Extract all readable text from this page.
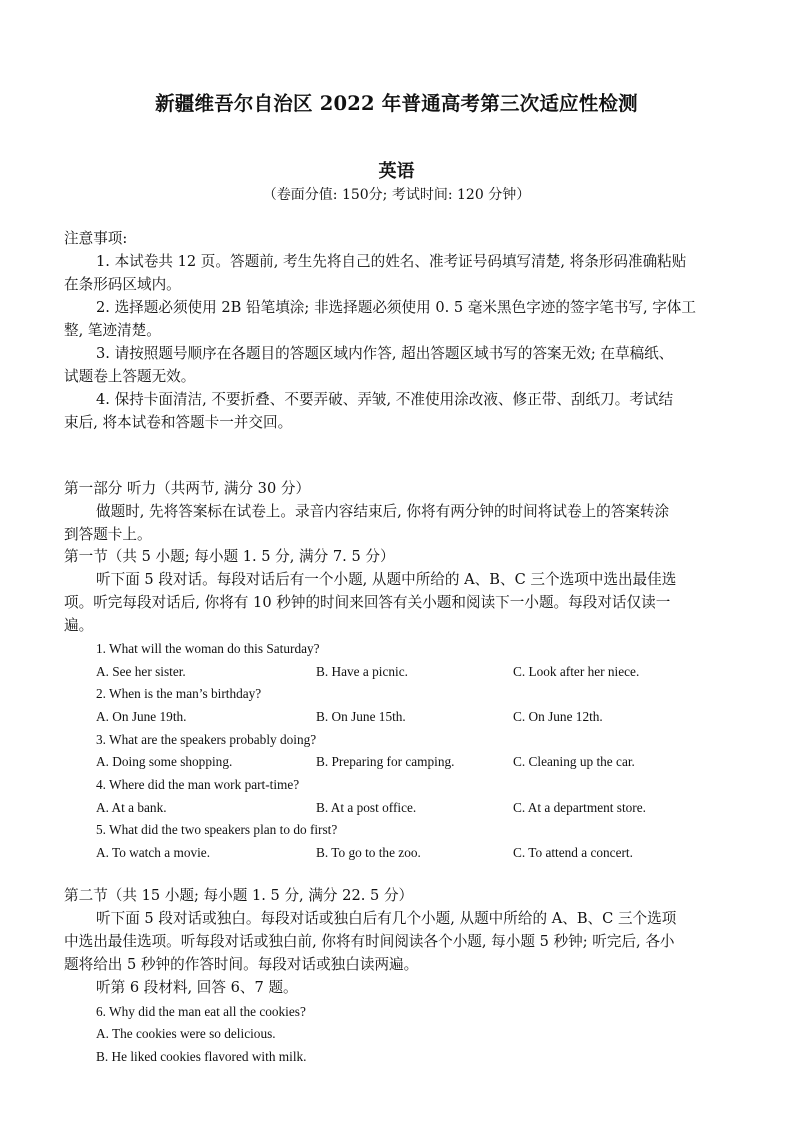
新疆维吾尔自治区 2022 年普通高考第三次适应性检测
英语
（卷面分值: 150分; 考试时间: 120 分钟）
注意事项:
1. 本试卷共 12 页。答题前, 考生先将自己的姓名、准考证号码填写清楚, 将条形码准确粘贴
在条形码区域内。
2. 选择题必须使用 2B 铅笔填涂; 非选择题必须使用 0. 5 毫米黑色字迹的签字笔书写, 字体工
整, 笔迹清楚。
3. 请按照题号顺序在各题目的答题区域内作答, 超出答题区域书写的答案无效; 在草稿纸、
试题卷上答题无效。
4. 保持卡面清洁, 不要折叠、不要弄破、弄皱, 不准使用涂改液、修正带、刮纸刀。考试结
束后, 将本试卷和答题卡一并交回。
第一部分 听力（共两节, 满分 30 分）
做题时, 先将答案标在试卷上。录音内容结束后, 你将有两分钟的时间将试卷上的答案转涂
到答题卡上。
第一节（共 5 小题; 每小题 1. 5 分, 满分 7. 5 分）
听下面 5 段对话。每段对话后有一个小题, 从题中所给的 A、B、C 三个选项中选出最佳选
项。听完每段对话后, 你将有 10 秒钟的时间来回答有关小题和阅读下一小题。每段对话仅读一
遍。
1. What will the woman do this Saturday?
A. See her sister.	B. Have a picnic.	C. Look after her niece.
2. When is the man’s birthday?
A. On June 19th.	B. On June 15th.	C. On June 12th.
3. What are the speakers probably doing?
A. Doing some shopping.	B. Preparing for camping.	C. Cleaning up the car.
4. Where did the man work part-time?
A. At a bank.	B. At a post office.	C. At a department store.
5. What did the two speakers plan to do first?
A. To watch a movie.	B. To go to the zoo.	C. To attend a concert.
第二节（共 15 小题; 每小题 1. 5 分, 满分 22. 5 分）
听下面 5 段对话或独白。每段对话或独白后有几个小题, 从题中所给的 A、B、C 三个选项
中选出最佳选项。听每段对话或独白前, 你将有时间阅读各个小题, 每小题 5 秒钟; 听完后, 各小
题将给出 5 秒钟的作答时间。每段对话或独白读两遍。
听第 6 段材料, 回答 6、7 题。
6. Why did the man eat all the cookies?
A. The cookies were so delicious.
B. He liked cookies flavored with milk.
